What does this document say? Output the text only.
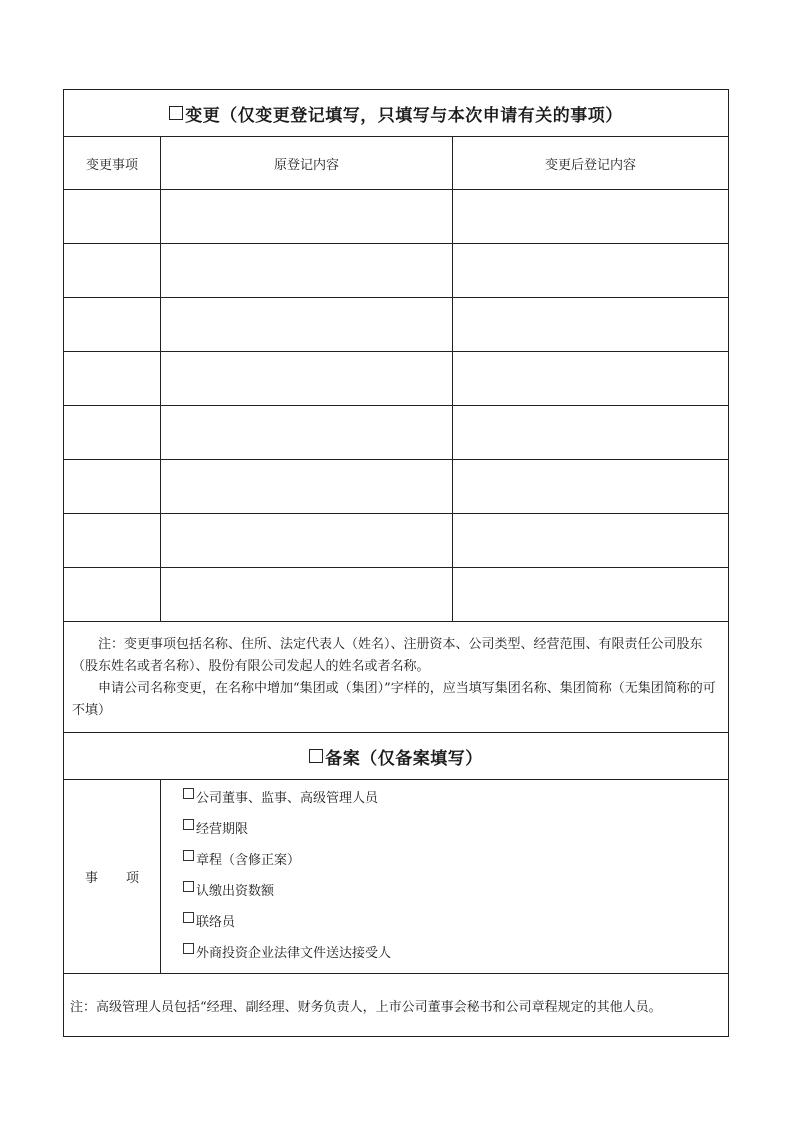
变更（仅变更登记填写，只填写与本次申请有关的事项）
变更事项	原登记内容	变更后登记内容

注：变更事项包括名称、住所、法定代表人（姓名）、注册资本、公司类型、经营范围、有限责任公司股东（股东姓名或者名称）、股份有限公司发起人的姓名或者名称。

申请公司名称变更，在名称中增加“集团或（集团）”字样的，应当填写集团名称、集团简称（无集团简称的可不填）

备案（仅备案填写）
事项
公司董事、监事、高级管理人员
经营期限
章程（含修正案）
认缴出资数额
联络员
外商投资企业法律文件送达接受人
注：高级管理人员包括“经理、副经理、财务负责人，上市公司董事会秘书和公司章程规定的其他人员。
